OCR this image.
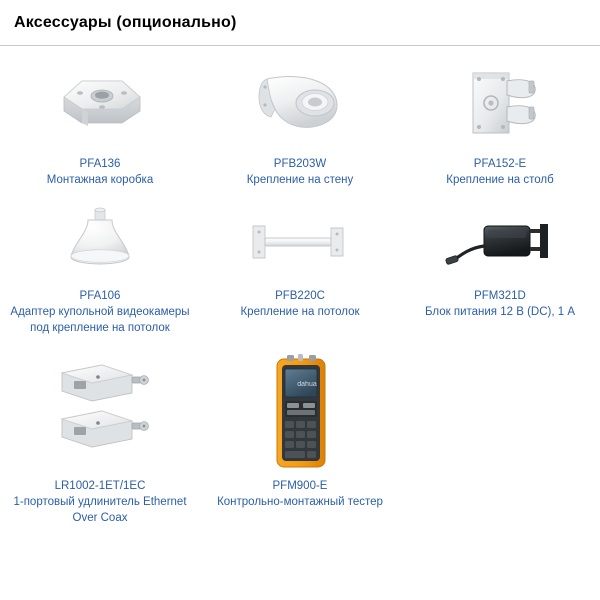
Аксессуары (опционально)
PFA136
Монтажная коробка
PFB203W
Крепление на стену
PFA152-E
Крепление на столб
PFA106
Адаптер купольной видеокамеры под крепление на потолок
PFB220C
Крепление на потолок
PFM321D
Блок питания 12 В (DC), 1 А
LR1002-1ET/1EC
1-портовый удлинитель Ethernet Over Coax
dahua
PFM900-E
Контрольно-монтажный тестер
